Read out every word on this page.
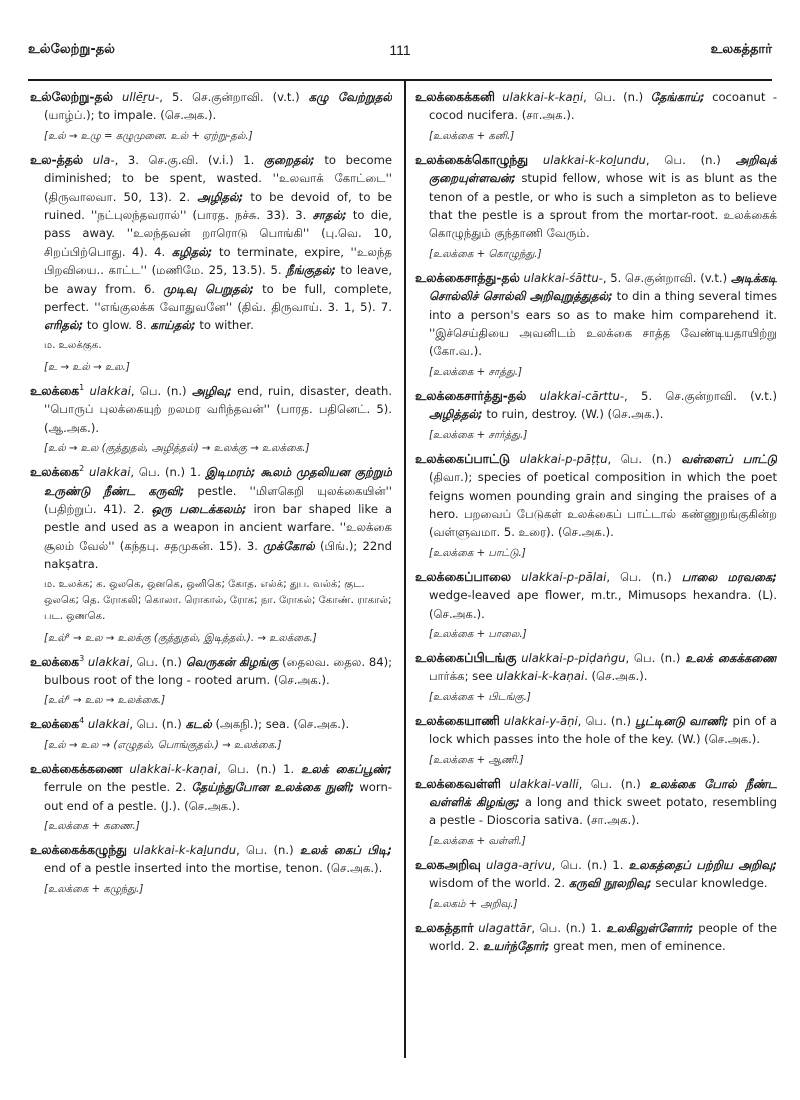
உல்லேற்று-தல்	111	உலகத்தார்
உல்லேற்று-தல் ullēṟu-, 5. செ.குன்றாவி. (v.t.) கழு வேற்றுதல் (யாழ்ப்.); to impale. (செ.அக.).
[உல் → உழு = கழுமுனை. உல் + ஏற்று-தல்.]
உல-த்தல் ula-, 3. செ.கு.வி. (v.i.) 1. குறைதல்; to become diminished; to be spent, wasted. ''உலவாக் கோட்டை'' (திருவாலவா. 50, 13). 2. அழிதல்; to be devoid of, to be ruined. ''நட்புலந்தவரால்'' (பாரத. நச்சு. 33). 3. சாதல்; to die, pass away. ''உலந்தவன் றாரொடு பொங்கி'' (பு.வெ. 10, சிறப்பிற்பொது. 4). 4. கழிதல்; to terminate, expire, ''உலந்த பிறவியை.. காட்ட'' (மணிமே. 25, 13.5). 5. நீங்குதல்; to leave, be away from. 6. முடிவு பெறுதல்; to be full, complete, perfect. ''எங்குலக்க வோதுவனே'' (திவ். திருவாய். 3. 1, 5). 7. எரிதல்; to glow. 8. காய்தல்; to wither.
ம. உலக்குக.
[உ → உல் → உல.]
உலக்கை$^1$ ulakkai, பெ. (n.) அழிவு; end, ruin, disaster, death. ''பொருப் புலக்கையுற் றலமர வரிந்தவன்'' (பாரத. பதினெட். 5). (ஆ.அக.).
[உல் → உல (குத்துதல், அழித்தல்) → உலக்கு → உலக்கை.]
உலக்கை$^2$ ulakkai, பெ. (n.) 1. இடிமரம்; கூலம் முதலியன குற்றும் உருண்டு நீண்ட கருவி; pestle. ''மிளகெறி யுலக்கையின்'' (பதிற்றுப். 41). 2. ஒரு படைக்கலம்; iron bar shaped like a pestle and used as a weapon in ancient warfare. ''உலக்கை சூலம் வேல்'' (கந்தபு. சதமுகன். 15). 3. முக்கோல் (பிங்.); 22nd nakṣatra.
ம. உலக்க; க. ஒலகெ, ஒனகெ, ஒனிகெ; கோத. எல்க்; துப. வல்க்; குட. ஒலகெ; தெ. ரோகலி; கொலா. ரொகால், ரோக; நா. ரோகல்; கோண். ராகால்; பட. ஒணகெ.
[உல்⁸ → உல → உலக்கு (குத்துதல், இடித்தல்.). → உலக்கை.]
உலக்கை$^3$ ulakkai, பெ. (n.) வெருகன் கிழங்கு (தைலவ. தைல. 84); bulbous root of the long - rooted arum. (செ.அக.).
[உல்⁶ → உல → உலக்கை.]
உலக்கை$^4$ ulakkai, பெ. (n.) கடல் (அகநி.); sea. (செ.அக.).
[உல் → உல → (எழுதல், பொங்குதல்.) → உலக்கை.]
உலக்கைக்கணை ulakkai-k-kaṇai, பெ. (n.) 1. உலக் கைப்பூண்; ferrule on the pestle. 2. தேய்ந்துபோன உலக்கை நுனி; worn-out end of a pestle. (J.). (செ.அக.).
[உலக்கை + கணை.]
உலக்கைக்கழுந்து ulakkai-k-kaḻundu, பெ. (n.) உலக் கைப் பிடி; end of a pestle inserted into the mortise, tenon. (செ.அக.).
[உலக்கை + கழுந்து.]
உலக்கைக்கனி ulakkai-k-kaṉi, பெ. (n.) தேங்காய்; cocoanut - cocod nucifera. (சா.அக.).
[உலக்கை + கனி.]
உலக்கைக்கொழுந்து ulakkai-k-koḻundu, பெ. (n.) அறிவுக் குறையுள்ளவன்; stupid fellow, whose wit is as blunt as the tenon of a pestle, or who is such a simpleton as to believe that the pestle is a sprout from the mortar-root. உலக்கைக் கொழுந்தும் குந்தாணி வேரும்.
[உலக்கை + கொழுந்து.]
உலக்கைசாத்து-தல் ulakkai-śāttu-, 5. செ.குன்றாவி. (v.t.) அடிக்கடி சொல்லிச் சொல்லி அறிவுறுத்துதல்; to din a thing several times into a person's ears so as to make him comparehend it. ''இச்செய்தியை அவனிடம் உலக்கை சாத்த வேண்டியதாயிற்று (கோ.வ.).
[உலக்கை + சாத்து.]
உலக்கைசார்த்து-தல் ulakkai-cārttu-, 5. செ.குன்றாவி. (v.t.) அழித்தல்; to ruin, destroy. (W.) (செ.அக.).
[உலக்கை + சார்த்து.]
உலக்கைப்பாட்டு ulakkai-p-pāṭṭu, பெ. (n.) வள்ளைப் பாட்டு (திவா.); species of poetical composition in which the poet feigns women pounding grain and singing the praises of a hero. பறவைப் பேடுகள் உலக்கைப் பாட்டால் கண்ணுறங்குகின்ற (வள்ளுவமா. 5. உரை). (செ.அக.).
[உலக்கை + பாட்டு.]
உலக்கைப்பாலை ulakkai-p-pālai, பெ. (n.) பாலை மரவகை; wedge-leaved ape flower, m.tr., Mimusops hexandra. (L). (செ.அக.).
[உலக்கை + பாலை.]
உலக்கைப்பிடங்கு ulakkai-p-piḍaṅgu, பெ. (n.) உலக் கைக்கணை பார்க்க; see ulakkai-k-kaṇai. (செ.அக.).
[உலக்கை + பிடங்கு.]
உலக்கையாணி ulakkai-y-āṇi, பெ. (n.) பூட்டினடு வாணி; pin of a lock which passes into the hole of the key. (W.) (செ.அக.).
[உலக்கை + ஆணி.]
உலக்கைவள்ளி ulakkai-valli, பெ. (n.) உலக்கை போல் நீண்ட வள்ளிக் கிழங்கு; a long and thick sweet potato, resembling a pestle - Dioscoria sativa. (சா.அக.).
[உலக்கை + வள்ளி.]
உலகஅறிவு ulaga-aṟivu, பெ. (n.) 1. உலகத்தைப் பற்றிய அறிவு; wisdom of the world. 2. கருவி நூலறிவு; secular knowledge.
[உலகம் + அறிவு.]
உலகத்தார் ulagattār, பெ. (n.) 1. உலகிலுள்ளோர்; people of the world. 2. உயர்ந்தோர்; great men, men of eminence.
